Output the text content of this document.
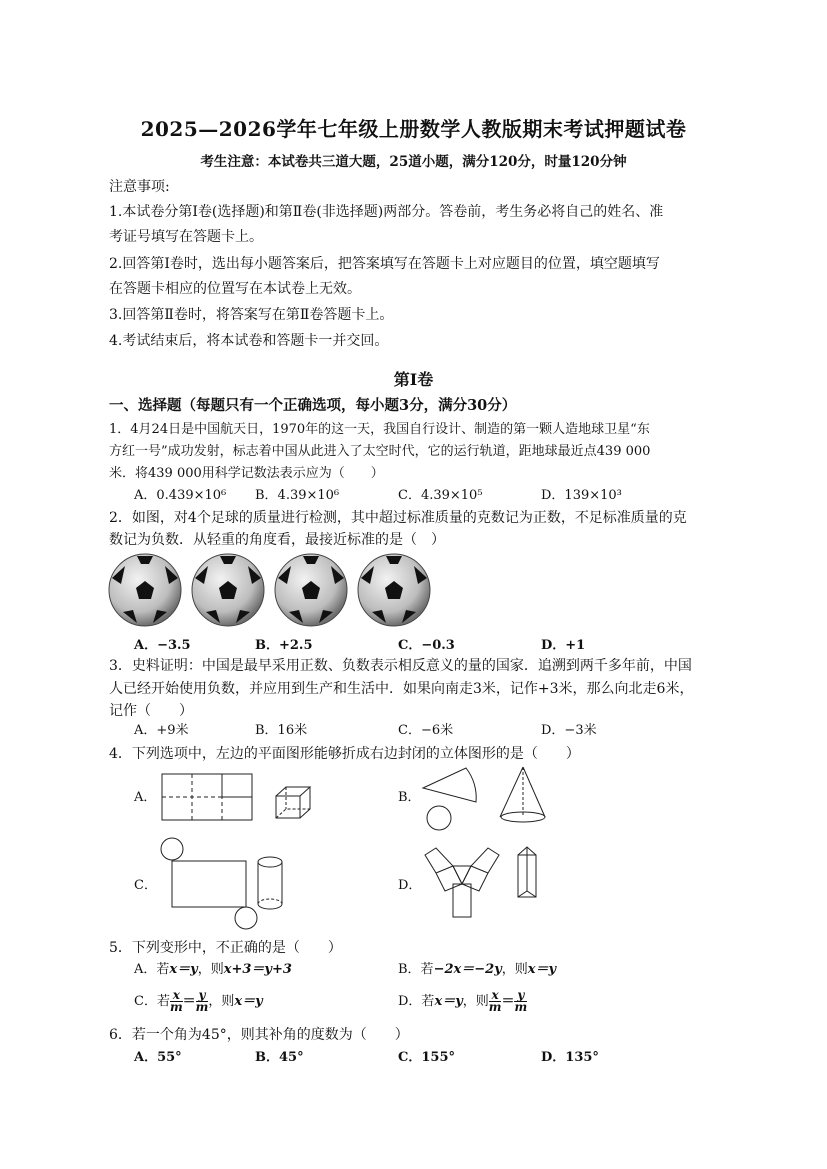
2025—2026学年七年级上册数学人教版期末考试押题试卷
考生注意：本试卷共三道大题，25道小题，满分120分，时量120分钟
注意事项:
1.本试卷分第Ⅰ卷(选择题)和第Ⅱ卷(非选择题)两部分。答卷前，考生务必将自己的姓名、准
考证号填写在答题卡上。
2.回答第Ⅰ卷时，选出每小题答案后，把答案填写在答题卡上对应题目的位置，填空题填写
在答题卡相应的位置写在本试卷上无效。
3.回答第Ⅱ卷时，将答案写在第Ⅱ卷答题卡上。
4.考试结束后，将本试卷和答题卡一并交回。
第Ⅰ卷
一、选择题（每题只有一个正确选项，每小题3分，满分30分）
1．4月24日是中国航天日，1970年的这一天，我国自行设计、制造的第一颗人造地球卫星“东
方红一号”成功发射，标志着中国从此进入了太空时代，它的运行轨道，距地球最近点439 000
米．将439 000用科学记数法表示应为（　　）
A．0.439×10⁶ B．4.39×10⁶	C．4.39×10⁵	D．139×10³
2．如图，对4个足球的质量进行检测，其中超过标准质量的克数记为正数，不足标准质量的克
数记为负数．从轻重的角度看，最接近标准的是（　）
A．−3.5	B．+2.5	C．−0.3	D．+1
3．史料证明：中国是最早采用正数、负数表示相反意义的量的国家．追溯到两千多年前，中国
人已经开始使用负数，并应用到生产和生活中．如果向南走3米，记作+3米，那么向北走6米，
记作（　　）
A．+9米	B．16米	C．−6米	D．−3米
4．下列选项中，左边的平面图形能够折成右边封闭的立体图形的是（　　）
A．	B．
C．	D．
5．下列变形中，不正确的是（　　）
A．若x＝y，则x+3＝y+3	B．若−2x＝−2y，则x＝y
C．若 $\frac{x}{m} = \frac{y}{m}$ ，则x＝y	D．若x＝y，则 $\frac{x}{m} = \frac{y}{m}$
6．若一个角为45°，则其补角的度数为（　　）
A．55°	B．45°	C．155°	D．135°
